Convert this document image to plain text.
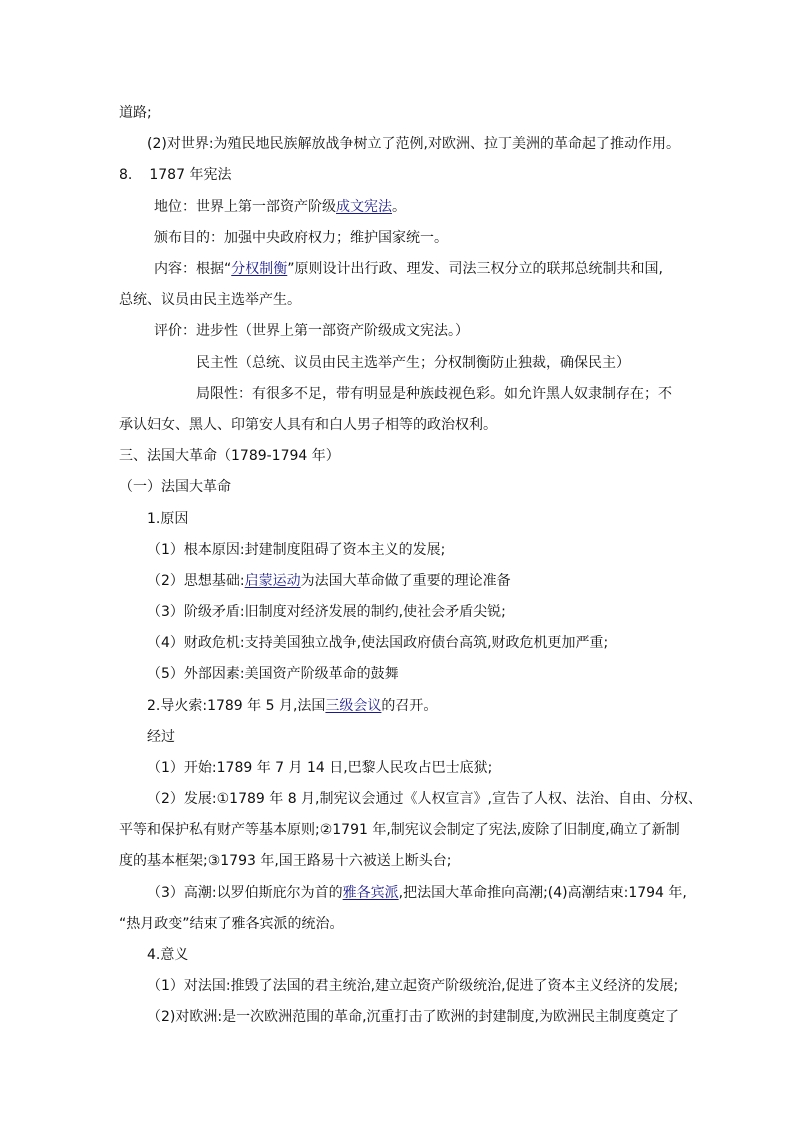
道路;
(2)对世界:为殖民地民族解放战争树立了范例,对欧洲、拉丁美洲的革命起了推动作用。
8. 1787 年宪法
地位：世界上第一部资产阶级成文宪法。
颁布目的：加强中央政府权力；维护国家统一。
内容：根据“分权制衡”原则设计出行政、理发、司法三权分立的联邦总统制共和国,
总统、议员由民主选举产生。
评价：进步性（世界上第一部资产阶级成文宪法。）
民主性（总统、议员由民主选举产生；分权制衡防止独裁，确保民主）
局限性：有很多不足，带有明显是种族歧视色彩。如允许黑人奴隶制存在；不
承认妇女、黑人、印第安人具有和白人男子相等的政治权利。
三、法国大革命（1789-1794 年）
（一）法国大革命
1.原因
（1）根本原因:封建制度阻碍了资本主义的发展;
（2）思想基础:启蒙运动为法国大革命做了重要的理论准备
（3）阶级矛盾:旧制度对经济发展的制约,使社会矛盾尖锐;
（4）财政危机:支持美国独立战争,使法国政府债台高筑,财政危机更加严重;
（5）外部因素:美国资产阶级革命的鼓舞
2.导火索:1789 年 5 月,法国三级会议的召开。
经过
（1）开始:1789 年 7 月 14 日,巴黎人民攻占巴士底狱;
（2）发展:①1789 年 8 月,制宪议会通过《人权宣言》,宣告了人权、法治、自由、分权、
平等和保护私有财产等基本原则;②1791 年,制宪议会制定了宪法,废除了旧制度,确立了新制
度的基本框架;③1793 年,国王路易十六被送上断头台;
（3）高潮:以罗伯斯庇尔为首的雅各宾派,把法国大革命推向高潮;(4)高潮结束:1794 年,
“热月政变”结束了雅各宾派的统治。
4.意义
（1）对法国:推毁了法国的君主统治,建立起资产阶级统治,促进了资本主义经济的发展;
（2)对欧洲:是一次欧洲范围的革命,沉重打击了欧洲的封建制度,为欧洲民主制度奠定了
